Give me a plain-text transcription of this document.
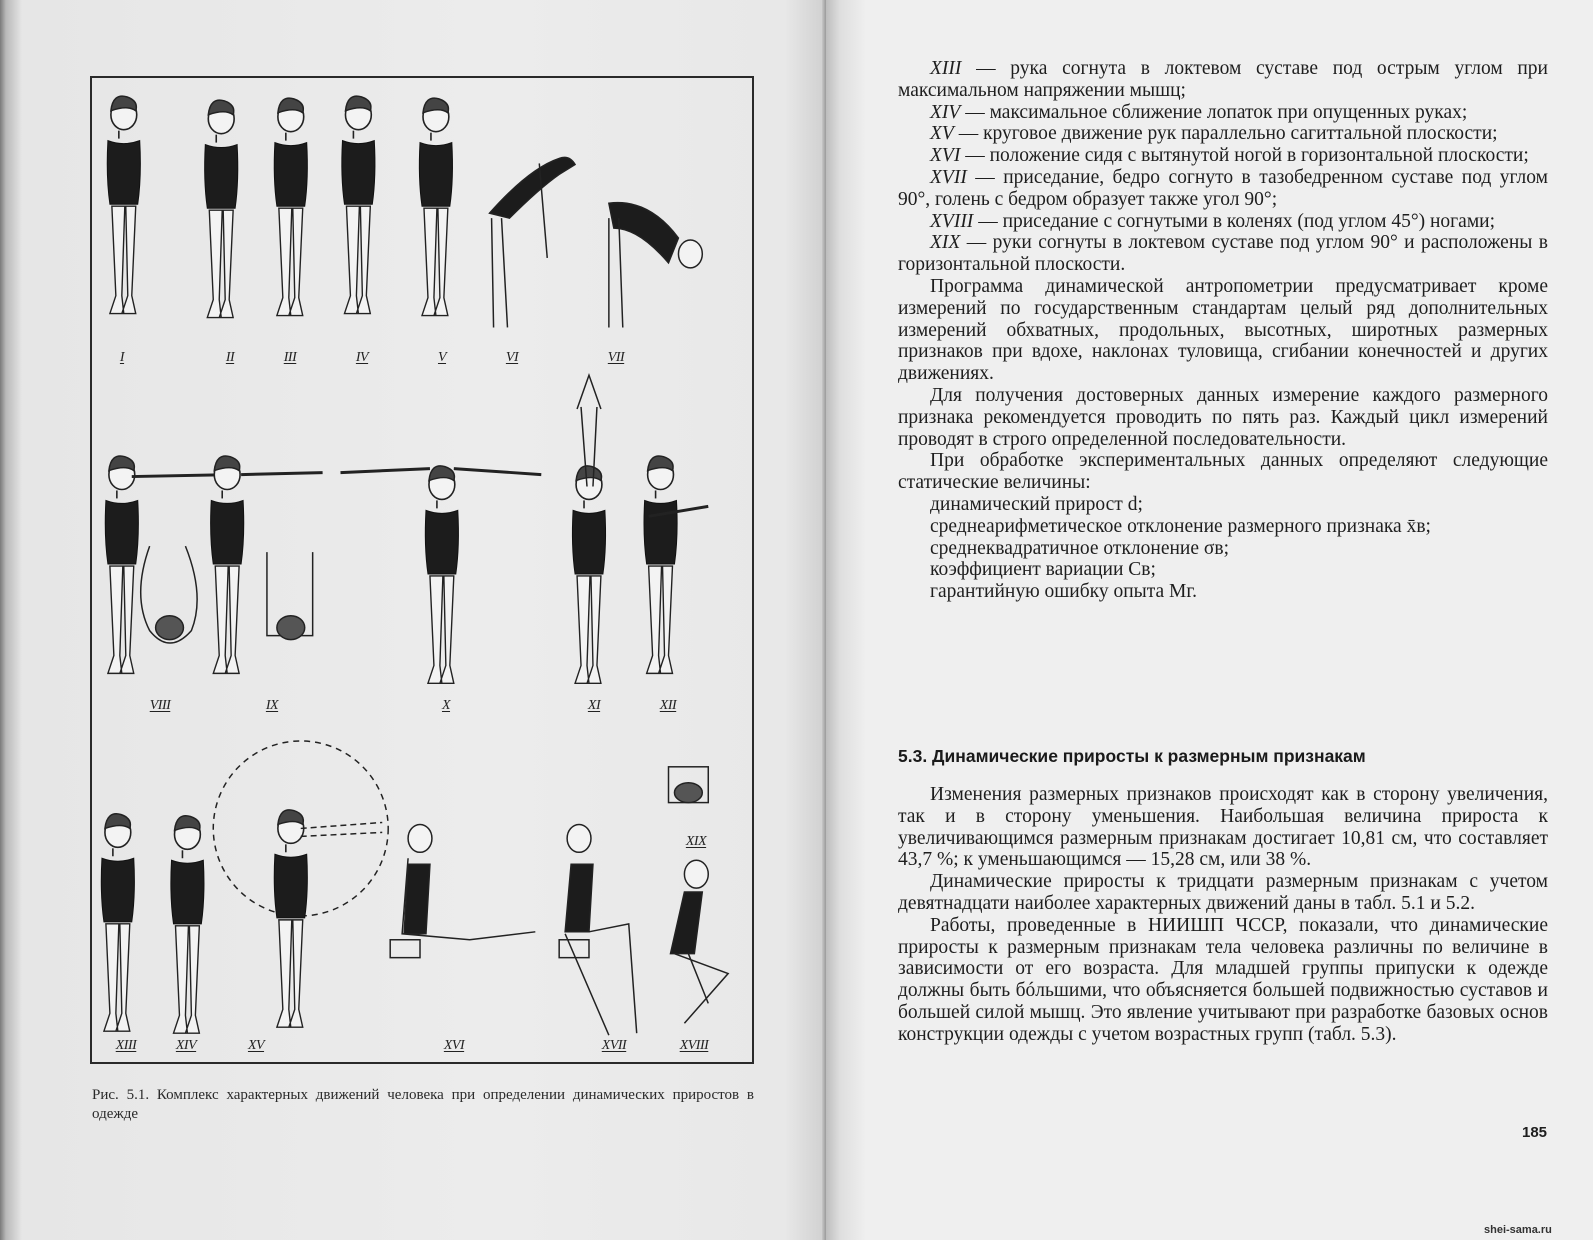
I	II	III	IV	V	VI	VII
VIII	IX	X	XI	XII
XIII	XIV	XV	XVI	XVII	XVIII
XIX
Рис. 5.1. Комплекс характерных движений человека при определении динамических приростов в одежде

XIII — рука согнута в локтевом суставе под острым углом при максимальном напряжении мышц;

XIV — максимальное сближение лопаток при опущенных руках;

XV — круговое движение рук параллельно сагиттальной плоскости;

XVI — положение сидя с вытянутой ногой в горизонтальной плоскости;

XVII — приседание, бедро согнуто в тазобедренном суставе под углом 90°, голень с бедром образует также угол 90°;

XVIII — приседание с согнутыми в коленях (под углом 45°) ногами;

XIX — руки согнуты в локтевом суставе под углом 90° и расположены в горизонтальной плоскости.

Программа динамической антропометрии предусматривает кроме измерений по государственным стандартам целый ряд дополнительных измерений обхватных, продольных, высотных, широтных размерных признаков при вдохе, наклонах туловища, сгибании конечностей и других движениях.

Для получения достоверных данных измерение каждого размерного признака рекомендуется проводить по пять раз. Каждый цикл измерений проводят в строго определенной последовательности.

При обработке экспериментальных данных определяют следующие статические величины:

динамический прирост d;

среднеарифметическое отклонение размерного признака x̄в;

среднеквадратичное отклонение σв;

коэффициент вариации Cв;

гарантийную ошибку опыта Mг.

5.3. Динамические приросты к размерным признакам

Изменения размерных признаков происходят как в сторону увеличения, так и в сторону уменьшения. Наибольшая величина прироста к увеличивающимся размерным признакам достигает 10,81 см, что составляет 43,7 %; к уменьшающимся — 15,28 см, или 38 %.

Динамические приросты к тридцати размерным признакам с учетом девятнадцати наиболее характерных движений даны в табл. 5.1 и 5.2.

Работы, проведенные в НИИШП ЧССР, показали, что динамические приросты к размерным признакам тела человека различны по величине в зависимости от его возраста. Для младшей группы припуски к одежде должны быть бóльшими, что объясняется большей подвижностью суставов и большей силой мышц. Это явление учитывают при разработке базовых основ конструкции одежды с учетом возрастных групп (табл. 5.3).

185
shei-sama.ru
